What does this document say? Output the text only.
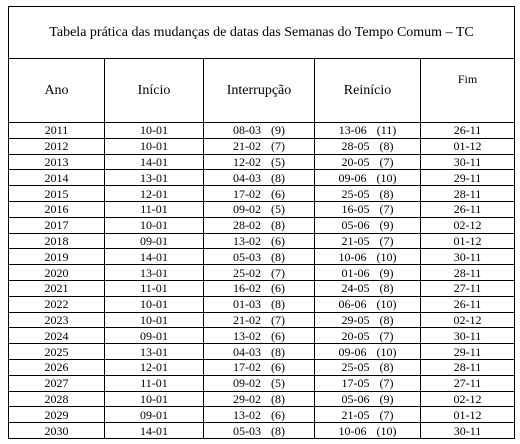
Tabela prática das mudanças de datas das Semanas do Tempo Comum – TC				
Ano	Início	Interrupção	Reinício	Fim
2011	10-01	08-03 (9)	13-06 (11)	26-11
2012	10-01	21-02 (7)	28-05 (8)	01-12
2013	14-01	12-02 (5)	20-05 (7)	30-11
2014	13-01	04-03 (8)	09-06 (10)	29-11
2015	12-01	17-02 (6)	25-05 (8)	28-11
2016	11-01	09-02 (5)	16-05 (7)	26-11
2017	10-01	28-02 (8)	05-06 (9)	02-12
2018	09-01	13-02 (6)	21-05 (7)	01-12
2019	14-01	05-03 (8)	10-06 (10)	30-11
2020	13-01	25-02 (7)	01-06 (9)	28-11
2021	11-01	16-02 (6)	24-05 (8)	27-11
2022	10-01	01-03 (8)	06-06 (10)	26-11
2023	10-01	21-02 (7)	29-05 (8)	02-12
2024	09-01	13-02 (6)	20-05 (7)	30-11
2025	13-01	04-03 (8)	09-06 (10)	29-11
2026	12-01	17-02 (6)	25-05 (8)	28-11
2027	11-01	09-02 (5)	17-05 (7)	27-11
2028	10-01	29-02 (8)	05-06 (9)	02-12
2029	09-01	13-02 (6)	21-05 (7)	01-12
2030	14-01	05-03 (8)	10-06 (10)	30-11
